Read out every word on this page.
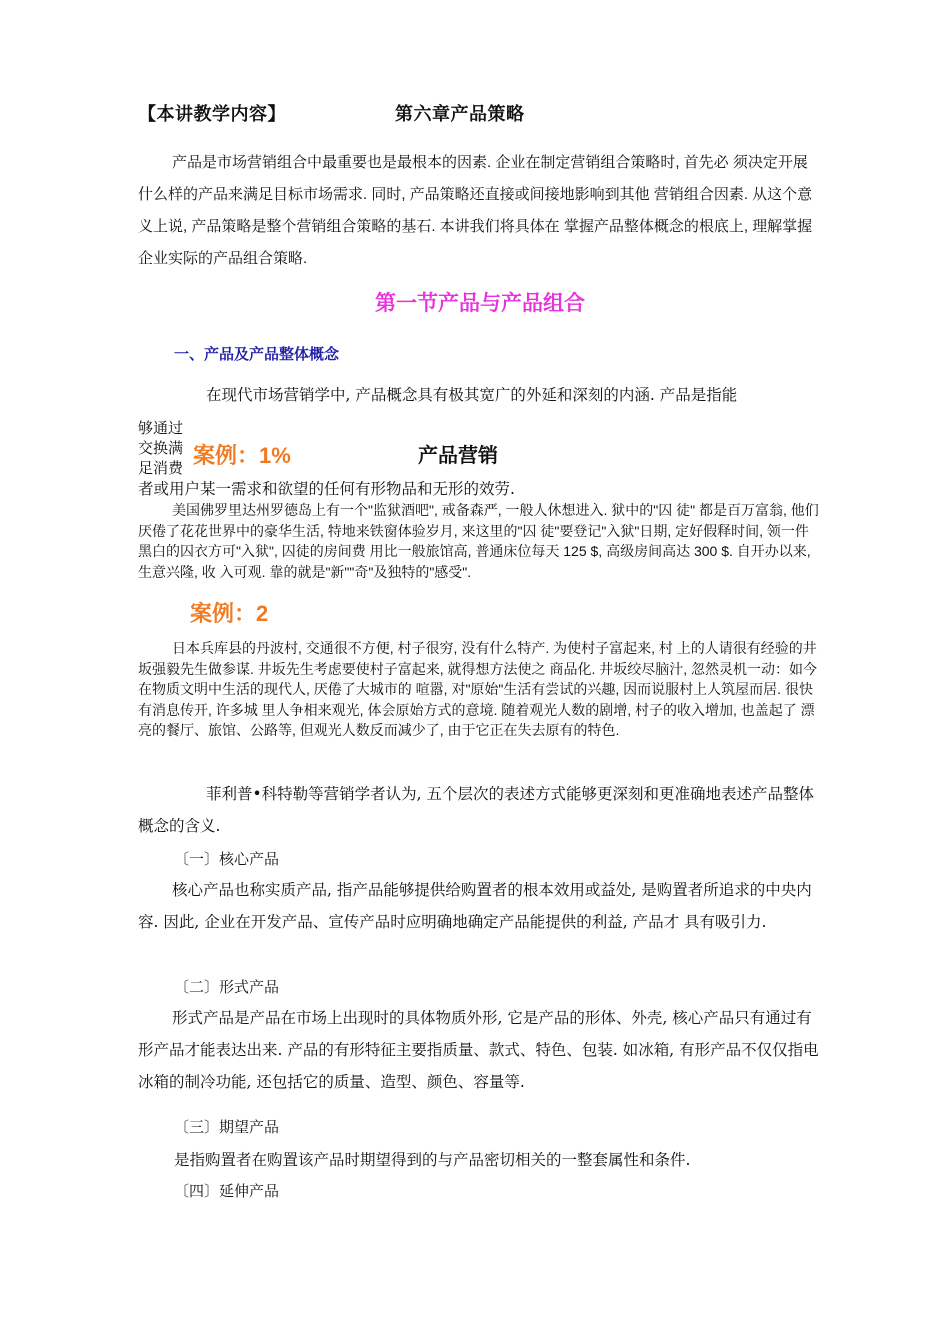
【本讲教学内容】	第六章产品策略

产品是市场营销组合中最重要也是最根本的因素. 企业在制定营销组合策略时, 首先必 须决定开展什么样的产品来满足目标市场需求. 同时, 产品策略还直接或间接地影响到其他 营销组合因素. 从这个意义上说, 产品策略是整个营销组合策略的基石. 本讲我们将具体在 掌握产品整体概念的根底上, 理解掌握企业实际的产品组合策略.

第一节产品与产品组合
一、产品及产品整体概念
在现代市场营销学中, 产品概念具有极其宽广的外延和深刻的内涵. 产品是指能
够通过
交换满
足消费 案例：1%	产品营销
者或用户某一需求和欲望的任何有形物品和无形的效劳.

美国佛罗里达州罗德岛上有一个"监狱酒吧", 戒备森严, 一般人休想进入. 狱中的"囚 徒" 都是百万富翁, 他们厌倦了花花世界中的豪华生活, 特地来铁窗体验岁月, 来这里的"囚 徒"要登记"入狱"日期, 定好假释时间, 领一件黑白的囚衣方可"入狱", 囚徒的房间费 用比一般旅馆高, 普通床位每天 125 $, 高级房间高达 300 $. 自开办以来, 生意兴隆, 收 入可观. 靠的就是"新""奇"及独特的"感受".

案例：2

日本兵库县的丹波村, 交通很不方便, 村子很穷, 没有什么特产. 为使村子富起来, 村 上的人请很有经验的井坂强毅先生做参谋. 井坂先生考虑要使村子富起来, 就得想方法使之 商品化. 井坂绞尽脑汁, 忽然灵机一动：如今在物质文明中生活的现代人, 厌倦了大城市的 喧嚣, 对"原始"生活有尝试的兴趣, 因而说服村上人筑屋而居. 很快有消息传开, 许多城 里人争相来观光, 体会原始方式的意境. 随着观光人数的剧增, 村子的收入增加, 也盖起了 漂亮的餐厅、旅馆、公路等, 但观光人数反而减少了, 由于它正在失去原有的特色.

菲利普•科特勒等营销学者认为, 五个层次的表述方式能够更深刻和更准确地表述产品整体概念的含义.

〔一〕核心产品

核心产品也称实质产品, 指产品能够提供给购置者的根本效用或益处, 是购置者所追求的中央内容. 因此, 企业在开发产品、宣传产品时应明确地确定产品能提供的利益, 产品才 具有吸引力.

〔二〕形式产品

形式产品是产品在市场上出现时的具体物质外形, 它是产品的形体、外壳, 核心产品只有通过有形产品才能表达出来. 产品的有形特征主要指质量、款式、特色、包装. 如冰箱, 有形产品不仅仅指电冰箱的制冷功能, 还包括它的质量、造型、颜色、容量等.

〔三〕期望产品
是指购置者在购置该产品时期望得到的与产品密切相关的一整套属性和条件.
〔四〕延伸产品
